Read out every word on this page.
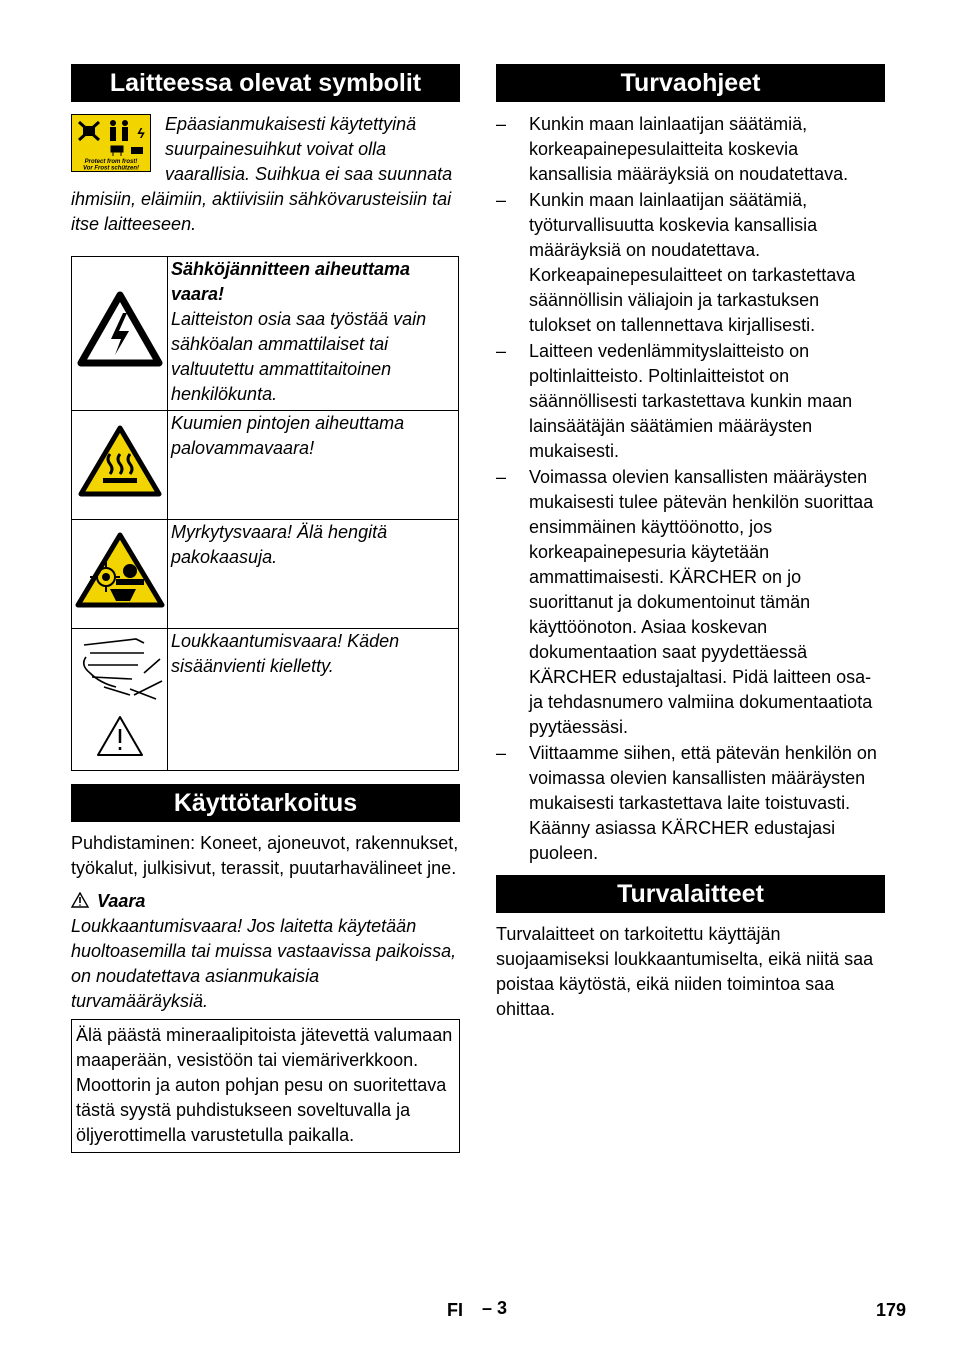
Laitteessa olevat symbolit
ϟ
Protect from frost!
Vor Frost schützen!
Epäasianmukaisesti käytettyinä suurpainesuihkut voivat olla vaarallisia. Suihkua ei saa suunnata ihmisiin, eläimiin, aktiivisiin sähkövarusteisiin tai itse laitteeseen.

Sähköjännitteen aiheuttama vaara!
Laitteiston osia saa työstää vain sähköalan ammattilaiset tai valtuutettu ammattitaitoinen henkilökunta.

Kuumien pintojen aiheuttama palovammavaara!

Myrkytysvaara! Älä hengitä pakokaasuja.

Loukkaantumisvaara! Käden sisäänvienti kielletty.
Käyttötarkoitus

Puhdistaminen: Koneet, ajoneuvot, rakennukset, työkalut, julkisivut, terassit, puutarhavälineet jne.

Vaara

Loukkaantumisvaara! Jos laitetta käytetään huoltoasemilla tai muissa vastaavissa paikoissa, on noudatettava asianmukaisia turvamääräyksiä.

Älä päästä mineraalipitoista jätevettä valumaan maaperään, vesistöön tai viemäriverkkoon. Moottorin ja auton pohjan pesu on suoritettava tästä syystä puhdistukseen soveltuvalla ja öljyerottimella varustetulla paikalla.
Turvaohjeet
– Kunkin maan lainlaatijan säätämiä, korkeapainepesulaitteita koskevia kansallisia määräyksiä on noudatettava.
– Kunkin maan lainlaatijan säätämiä, työturvallisuutta koskevia kansallisia määräyksiä on noudatettava. Korkeapainepesulaitteet on tarkastettava säännöllisin väliajoin ja tarkastuksen tulokset on tallennettava kirjallisesti.
– Laitteen vedenlämmityslaitteisto on poltinlaitteisto. Poltinlaitteistot on säännöllisesti tarkastettava kunkin maan lainsäätäjän säätämien määräysten mukaisesti.
– Voimassa olevien kansallisten määräysten mukaisesti tulee pätevän henkilön suorittaa ensimmäinen käyttöönotto, jos korkeapainepesuria käytetään ammattimaisesti. KÄRCHER on jo suorittanut ja dokumentoinut tämän käyttöönoton. Asiaa koskevan dokumentaation saat pyydettäessä KÄRCHER edustajaltasi. Pidä laitteen osa- ja tehdasnumero valmiina dokumentaatiota pyytäessäsi.
– Viittaamme siihen, että pätevän henkilön on voimassa olevien kansallisten määräysten mukaisesti tarkastettava laite toistuvasti. Käänny asiassa KÄRCHER edustajasi puoleen.
Turvalaitteet

Turvalaitteet on tarkoitettu käyttäjän suojaamiseksi loukkaantumiselta, eikä niitä saa poistaa käytöstä, eikä niiden toimintoa saa ohittaa.

FI – 3	179
